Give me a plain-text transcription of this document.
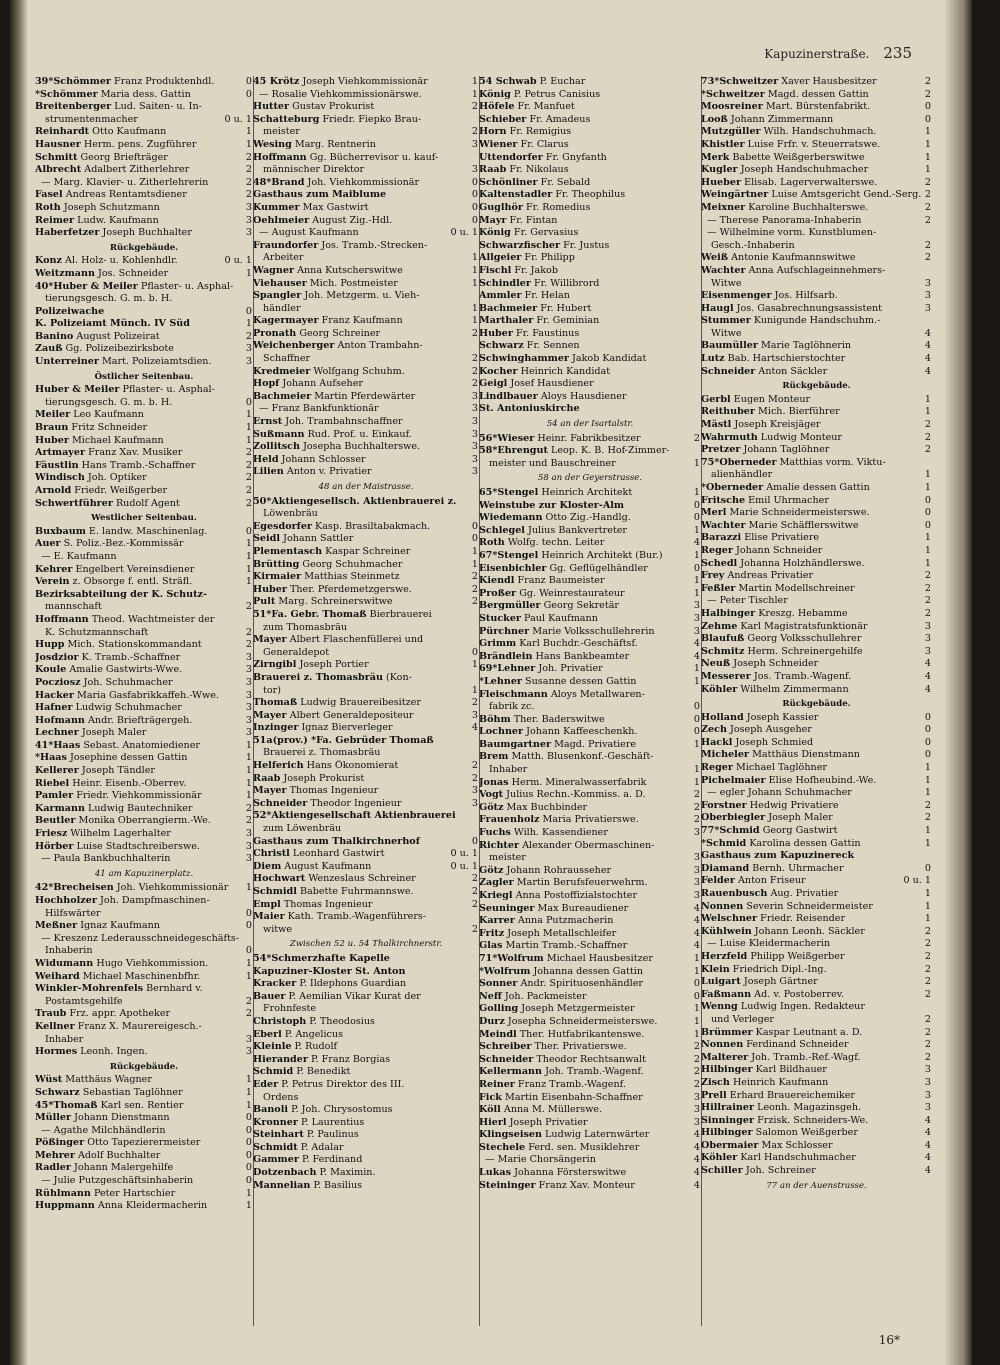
Kapuzinerstraße. 235
39*Schömmer Franz Produktenhdl.	0
*Schömmer Maria dess. Gattin	0
Breitenberger Lud. Saiten- u. In-
strumentenmacher	0 u. 1
Reinhardt Otto Kaufmann	1
Hausner Herm. pens. Zugführer	1
Schmitt Georg Briefträger	2
Albrecht Adalbert Zitherlehrer	2
— Marg. Klavier- u. Zitherlehrerin	2
Fasel Andreas Rentamtsdiener	2
Roth Joseph Schutzmann	3
Reimer Ludw. Kaufmann	3
Haberfetzer Joseph Buchhalter	3
Rückgebäude.
Konz Al. Holz- u. Kohlenhdlr.	0 u. 1
Weitzmann Jos. Schneider	1
40*Huber & Meiler Pflaster- u. Asphal-
tierungsgesch. G. m. b. H.
Polizeiwache	0
K. Polizeiamt Münch. IV Süd	1
Banino August Polizeirat	2
Zauß Gg. Polizeibezirksbote	3
Unterreiner Mart. Polizeiamtsdien.	3
Östlicher Seitenbau.
Huber & Meiler Pflaster- u. Asphal-
tierungsgesch. G. m. b. H.	0
Meiler Leo Kaufmann	1
Braun Fritz Schneider	1
Huber Michael Kaufmann	1
Artmayer Franz Xav. Musiker	2
Fäustlin Hans Tramb.-Schaffner	2
Windisch Joh. Optiker	2
Arnold Friedr. Weißgerber	2
Schwertführer Rudolf Agent	2
Westlicher Seitenbau.
Buxbaum E. landw. Maschinenlag.	0
Auer S. Poliz.-Bez.-Kommissär	1
— E. Kaufmann	1
Kehrer Engelbert Vereinsdiener	1
Verein z. Obsorge f. entl. Sträfl.	1
Bezirksabteilung der K. Schutz-
mannschaft	2
Hoffmann Theod. Wachtmeister der
K. Schutzmannschaft	2
Hupp Mich. Stationskommandant	2
Josdzior K. Tramb.-Schaffner	3
Koule Amalie Gastwirts-Wwe.	3
Pocziosz Joh. Schuhmacher	3
Hacker Maria Gasfabrikkaffeh.-Wwe.	3
Hafner Ludwig Schuhmacher	3
Hofmann Andr. Briefträgergeh.	3
Lechner Joseph Maler	3
41*Haas Sebast. Anatomiediener	1
*Haas Josephine dessen Gattin	1
Kellerer Joseph Tändler	1
Riebel Heinr. Eisenb.-Oberrev.	1
Pamler Friedr. Viehkommissionär	1
Karmann Ludwig Bautechniker	2
Beutler Monika Oberrangierm.-We.	2
Friesz Wilhelm Lagerhalter	3
Hörber Luise Stadtschreiberswe.	3
— Paula Bankbuchhalterin	3
41 am Kapuzinerplatz.
42*Brecheisen Joh. Viehkommissionär 1
Hochholzer Joh. Dampfmaschinen-
Hilfswärter	0
Meßner Ignaz Kaufmann	0
— Kreszenz Lederausschneidegeschäfts-
Inhaberin	0
Widumann Hugo Viehkommission.	1
Weihard Michael Maschinenbfhr.	1
Winkler-Mohrenfels Bernhard v.
Postamtsgehilfe	2
Traub Frz. appr. Apotheker	2
Kellner Franz X. Maurereigesch.-
Inhaber	3
Hormes Leonh. Ingen.	3
Rückgebäude.
Wüst Matthäus Wagner	1
Schwarz Sebastian Taglöhner	1
45*Thomaß Karl sen. Rentier	1
Müller Johann Dienstmann	0
— Agathe Milchhändlerin	0
Pößinger Otto Tapezierermeister	0
Mehrer Adolf Buchhalter	0
Radler Johann Malergehilfe	0
— Julie Putzgeschäftsinhaberin	0
Rühlmann Peter Hartschier	1
Huppmann Anna Kleidermacherin	1
45 Krötz Joseph Viehkommissionär	1
— Rosalie Viehkommissionärswe.	1
Hutter Gustav Prokurist	2
Schatteburg Friedr. Fiepko Brau-
meister	2
Wesing Marg. Rentnerin	3
Hoffmann Gg. Bücherrevisor u. kauf-
männischer Direktor	3
48*Brand Joh. Viehkommissionär	0
Gasthaus zum Maiblume	0
Kummer Max Gastwirt	0
Oehlmeier August Zig.-Hdl.	0
— August Kaufmann	0 u. 1
Fraundorfer Jos. Tramb.-Strecken-
Arbeiter	1
Wagner Anna Kutscherswitwe	1
Viehauser Mich. Postmeister	1
Spangler Joh. Metzgerm. u. Vieh-
händler	1
Kagermayer Franz Kaufmann	1
Pronath Georg Schreiner	2
Weichenberger Anton Trambahn-
Schaffner	2
Kredmeier Wolfgang Schuhm.	2
Hopf Johann Aufseher	2
Bachmeier Martin Pferdewärter	3
— Franz Bankfunktionär	3
Ernst Joh. Trambahnschaffner	3
Sußmann Rud. Prof. u. Einkauf.	3
Zollitsch Josepha Buchhalterswe.	3
Held Johann Schlosser	3
Lilien Anton v. Privatier	3
48 an der Maistrasse.
50*Aktiengesellsch. Aktienbrauerei z.
Löwenbräu
Egesdorfer Kasp. Brasiltabakmach.	0
Seidl Johann Sattler	0
Plementasch Kaspar Schreiner	1
Brütting Georg Schuhmacher	1
Kirmaier Matthias Steinmetz	2
Huber Ther. Pferdemetzgerswe.	2
Pult Marg. Schreinerswitwe	2
51*Fa. Gebr. Thomaß Bierbrauerei
zum Thomasbräu
Mayer Albert Flaschenfüllerei und
Generaldepot	0
Zirngibl Joseph Portier	1
Brauerei z. Thomasbräu (Kon-
tor)	1
Thomaß Ludwig Brauereibesitzer	2
Mayer Albert Generaldepositeur	3
Inzinger Ignaz Bierverleger	4
51a(prov.) *Fa. Gebrüder Thomaß
Brauerei z. Thomasbräu
Helferich Hans Ökonomierat	2
Raab Joseph Prokurist	2
Mayer Thomas Ingenieur	3
Schneider Theodor Ingenieur	3
52*Aktiengesellschaft Aktienbrauerei
zum Löwenbräu
Gasthaus zum Thalkirchnerhof	0
Christl Leonhard Gastwirt	0 u. 1
Diem August Kaufmann	0 u. 1
Hochwart Wenzeslaus Schreiner	2
Schmidl Babette Fuhrmannswe.	2
Empl Thomas Ingenieur	2
Maier Kath. Tramb.-Wagenführers-
witwe	2
Zwischen 52 u. 54 Thalkirchnerstr.
54*Schmerzhafte Kapelle
Kapuziner-Kloster St. Anton
Kracker P. Ildephons Guardian
Bauer P. Aemilian Vikar Kurat der
Frohnfeste
Christoph P. Theodosius
Eberl P. Angelicus
Kleinle P. Rudolf
Hierander P. Franz Borgias
Schmid P. Benedikt
Eder P. Petrus Direktor des III.
Ordens
Banoli P. Joh. Chrysostomus
Kronner P. Laurentius
Steinhart P. Paulinus
Schmidt P. Adalar
Gammer P. Ferdinand
Dotzenbach P. Maximin.
Mannelian P. Basilius
54 Schwab P. Euchar
König P. Petrus Canisius
Höfele Fr. Manfuet
Schieber Fr. Amadeus
Horn Fr. Remigius
Wiener Fr. Clarus
Uttendorfer Fr. Gnyfanth
Raab Fr. Nikolaus
Schönliner Fr. Sebald
Kaltenstadler Fr. Theophilus
Guglhör Fr. Romedius
Mayr Fr. Fintan
König Fr. Gervasius
Schwarzfischer Fr. Justus
Allgeier Fr. Philipp
Fischl Fr. Jakob
Schindler Fr. Willibrord
Ammler Fr. Helan
Bachmeier Fr. Hubert
Marthaler Fr. Geminian
Huber Fr. Faustinus
Schwarz Fr. Sennen
Schwinghammer Jakob Kandidat
Kocher Heinrich Kandidat
Geigl Josef Hausdiener
Lindlbauer Aloys Hausdiener
St. Antoniuskirche
54 an der Isartalstr.
56*Wieser Heinr. Fabrikbesitzer	2
58*Ehrengut Leop. K. B. Hof-Zimmer-
meister und Bauschreiner	1
58 an der Geyerstrasse.
65*Stengel Heinrich Architekt	1
Weinstube zur Kloster-Alm	0
Wiedemann Otto Zig.-Handlg.	0
Schlegel Julius Bankvertreter	1
Roth Wolfg. techn. Leiter	4
67*Stengel Heinrich Architekt (Bur.)	1
Eisenbichler Gg. Geflügelhändler	0
Kiendl Franz Baumeister	1
Proßer Gg. Weinrestaurateur	1
Bergmüller Georg Sekretär	3
Stucker Paul Kaufmann	3
Pürchner Marie Volksschullehrerin	3
Grimm Karl Buchdr.-Geschäftsf.	4
Brändlein Hans Bankbeamter	4
69*Lehner Joh. Privatier	1
*Lehner Susanne dessen Gattin	1
Fleischmann Aloys Metallwaren-
fabrik zc.	0
Böhm Ther. Baderswitwe	0
Lochner Johann Kaffeeschenkh.	0
Baumgartner Magd. Privatiere	1
Brem Matth. Blusenkonf.-Geschäft-
Inhaber	1
Jonas Herm. Mineralwasserfabrik	1
Vogt Julius Rechn.-Kommiss. a. D.	2
Götz Max Buchbinder	2
Frauenholz Maria Privatierswe.	2
Fuchs Wilh. Kassendiener	3
Richter Alexander Obermaschinen-
meister	3
Götz Johann Rohrausseher	3
Zagler Martin Berufsfeuerwehrm.	3
Kriegl Anna Postoffizialstochter	3
Seuninger Max Bureaudiener	4
Karrer Anna Putzmacherin	4
Fritz Joseph Metallschleifer	4
Glas Martin Tramb.-Schaffner	4
71*Wolfrum Michael Hausbesitzer	1
*Wolfrum Johanna dessen Gattin	1
Sonner Andr. Spirituosenhändler	0
Neff Joh. Packmeister	0
Golling Joseph Metzgermeister	1
Durz Josepha Schneidermeisterswe.	1
Meindl Ther. Hutfabrikantenswe.	1
Schreiber Ther. Privatierswe.	2
Schneider Theodor Rechtsanwalt	2
Kellermann Joh. Tramb.-Wagenf.	2
Reiner Franz Tramb.-Wagenf.	2
Fick Martin Eisenbahn-Schaffner	3
Köll Anna M. Müllerswe.	3
Hierl Joseph Privatier	3
Klingseisen Ludwig Laternwärter	4
Stechele Ferd. sen. Musiklehrer	4
— Marie Chorsängerin	4
Lukas Johanna Försterswitwe	4
Steininger Franz Xav. Monteur	4
73*Schweitzer Xaver Hausbesitzer	2
*Schweitzer Magd. dessen Gattin	2
Moosreiner Mart. Bürstenfabrikt.	0
Looß Johann Zimmermann	0
Mutzgüller Wilh. Handschuhmach.	1
Khistler Luise Frfr. v. Steuerratswe.	1
Merk Babette Weißgerberswitwe	1
Kugler Joseph Handschuhmacher	1
Hueber Elisab. Lagerverwalterswe.	2
Weingärtner Luise Amtsgericht Gend.-Serg. 2
Meixner Karoline Buchhalterswe.	2
— Therese Panorama-Inhaberin	2
— Wilhelmine vorm. Kunstblumen-
Gesch.-Inhaberin	2
Weiß Antonie Kaufmannswitwe	2
Wachter Anna Aufschlageinnehmers-
Witwe	3
Eisenmenger Jos. Hilfsarb.	3
Haugl Jos. Gasabrechnungsassistent	3
Stummer Kunigunde Handschuhm.-
Witwe	4
Baumüller Marie Taglöhnerin	4
Lutz Bab. Hartschierstochter	4
Schneider Anton Säckler	4
Rückgebäude.
Gerbl Eugen Monteur	1
Reithuber Mich. Bierführer	1
Mästl Joseph Kreisjäger	2
Wahrmuth Ludwig Monteur	2
Pretzer Johann Taglöhner	2
75*Oberneder Matthias vorm. Viktu-
alienhändler	1
*Oberneder Amalie dessen Gattin	1
Fritsche Emil Uhrmacher	0
Merl Marie Schneidermeisterswe.	0
Wachter Marie Schäfflerswitwe	0
Barazzi Elise Privatiere	1
Reger Johann Schneider	1
Schedl Johanna Holzhändlerswe.	1
Frey Andreas Privatier	2
Feßler Martin Modellschreiner	2
— Peter Tischler	2
Halbinger Kreszg. Hebamme	2
Zehme Karl Magistratsfunktionär	3
Blaufuß Georg Volksschullehrer	3
Schmitz Herm. Schreinergehilfe	3
Neuß Joseph Schneider	4
Messerer Jos. Tramb.-Wagenf.	4
Köhler Wilhelm Zimmermann	4
Rückgebäude.
Holland Joseph Kassier	0
Zech Joseph Ausgeher	0
Hackl Joseph Schmied	0
Micheler Matthäus Dienstmann	0
Reger Michael Taglöhner	1
Pichelmaier Elise Hofheubind.-We.	1
— egler Johann Schuhmacher	1
Forstner Hedwig Privatiere	2
Oberbiegler Joseph Maler	2
77*Schmid Georg Gastwirt	1
*Schmid Karolina dessen Gattin	1
Gasthaus zum Kapuzinereck
Diamand Bernh. Uhrmacher	0
Felder Anton Friseur	0 u. 1
Rauenbusch Aug. Privatier	1
Nonnen Severin Schneidermeister	1
Welschner Friedr. Reisender	1
Kühlwein Johann Leonh. Säckler	2
— Luise Kleidermacherin	2
Herzfeld Philipp Weißgerber	2
Klein Friedrich Dipl.-Ing.	2
Luigart Joseph Gärtner	2
Faßmann Ad. v. Postoberrev.	2
Wenng Ludwig Ingen. Redakteur
und Verleger	2
Brümmer Kaspar Leutnant a. D.	2
Nonnen Ferdinand Schneider	2
Malterer Joh. Tramb.-Ref.-Wagf.	2
Hilbinger Karl Bildhauer	3
Zisch Heinrich Kaufmann	3
Prell Erhard Brauereichemiker	3
Hillrainer Leonh. Magazinsgeh.	3
Sinninger Frzisk. Schneiders-We.	4
Hilbinger Salomon Weißgerber	4
Obermaier Max Schlosser	4
Köhler Karl Handschuhmacher	4
Schiller Joh. Schreiner	4
77 an der Auenstrasse.
16*
